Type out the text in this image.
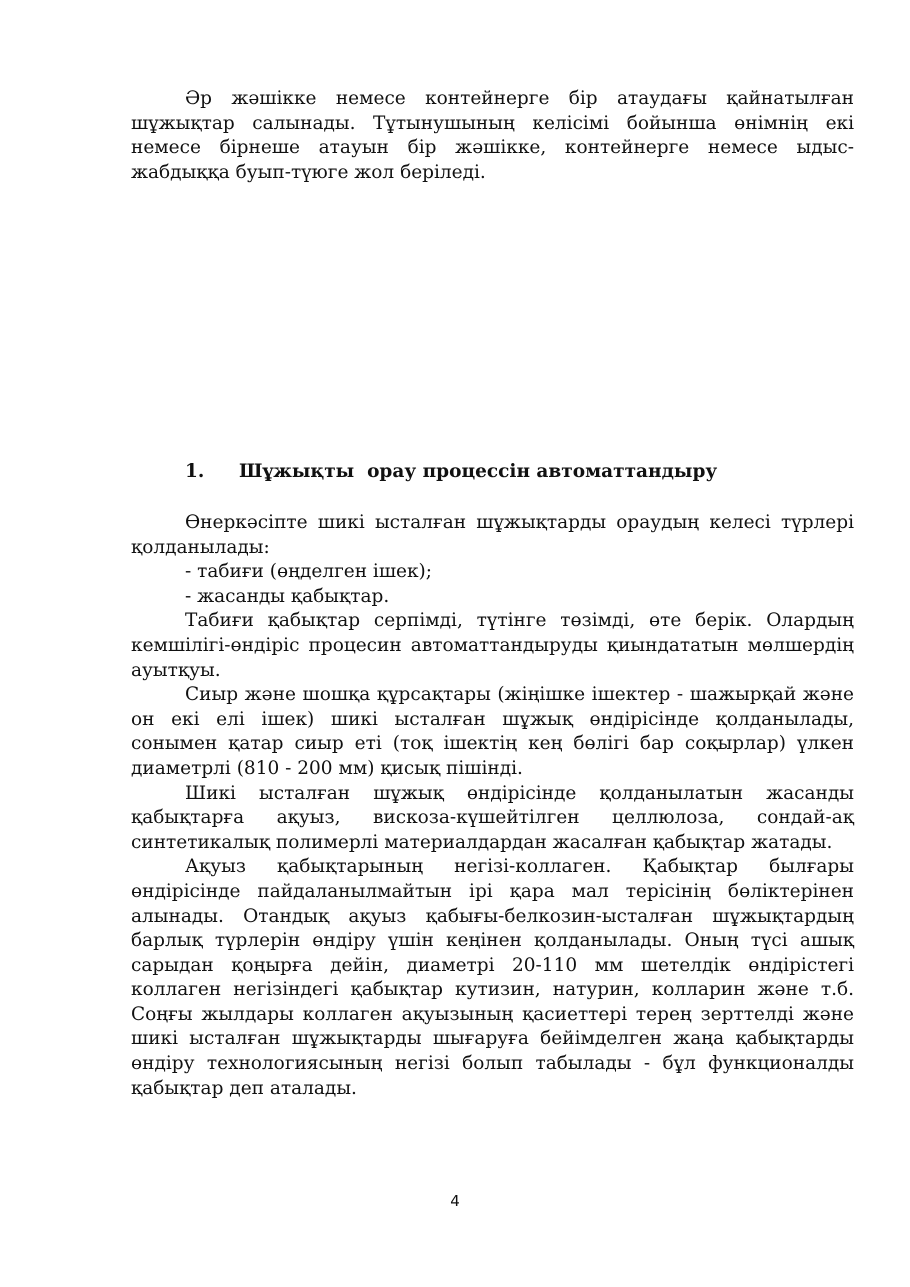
Әр жәшікке немесе контейнерге бір атаудағы қайнатылған шұжықтар салынады. Тұтынушының келісімі бойынша өнімнің екі немесе бірнеше атауын бір жәшікке, контейнерге немесе ыдыс-жабдыққа буып-түюге жол беріледі.

1. Шұжықты  орау процессін автоматтандыру

Өнеркәсіпте шикі ысталған шұжықтарды ораудың келесі түрлері қолданылады:

- табиғи (өңделген ішек);

- жасанды қабықтар.

Табиғи қабықтар серпімді, түтінге төзімді, өте берік. Олардың кемшілігі-өндіріс процесин автоматтандыруды қиындататын мөлшердің ауытқуы.

Сиыр және шошқа құрсақтары (жіңішке ішектер - шажырқай және он екі елі ішек) шикі ысталған шұжық өндірісінде қолданылады, сонымен қатар сиыр еті (тоқ ішектің кең бөлігі бар соқырлар) үлкен диаметрлі (810 - 200 мм) қисық пішінді.

Шикі ысталған шұжық өндірісінде қолданылатын жасанды қабықтарға ақуыз, вискоза-күшейтілген целлюлоза, сондай-ақ синтетикалық полимерлі материалдардан жасалған қабықтар жатады.

Ақуыз қабықтарының негізі-коллаген. Қабықтар былғары өндірісінде пайдаланылмайтын ірі қара мал терісінің бөліктерінен алынады. Отандық ақуыз қабығы-белкозин-ысталған шұжықтардың барлық түрлерін өндіру үшін кеңінен қолданылады. Оның түсі ашық сарыдан қоңырға дейін, диаметрі 20-110 мм шетелдік өндірістегі коллаген негізіндегі қабықтар кутизин, натурин, колларин және т.б. Соңғы жылдары коллаген ақуызының қасиеттері терең зерттелді және шикі ысталған шұжықтарды шығаруға бейімделген жаңа қабықтарды өндіру технологиясының негізі болып табылады - бұл функционалды қабықтар деп аталады.

4
